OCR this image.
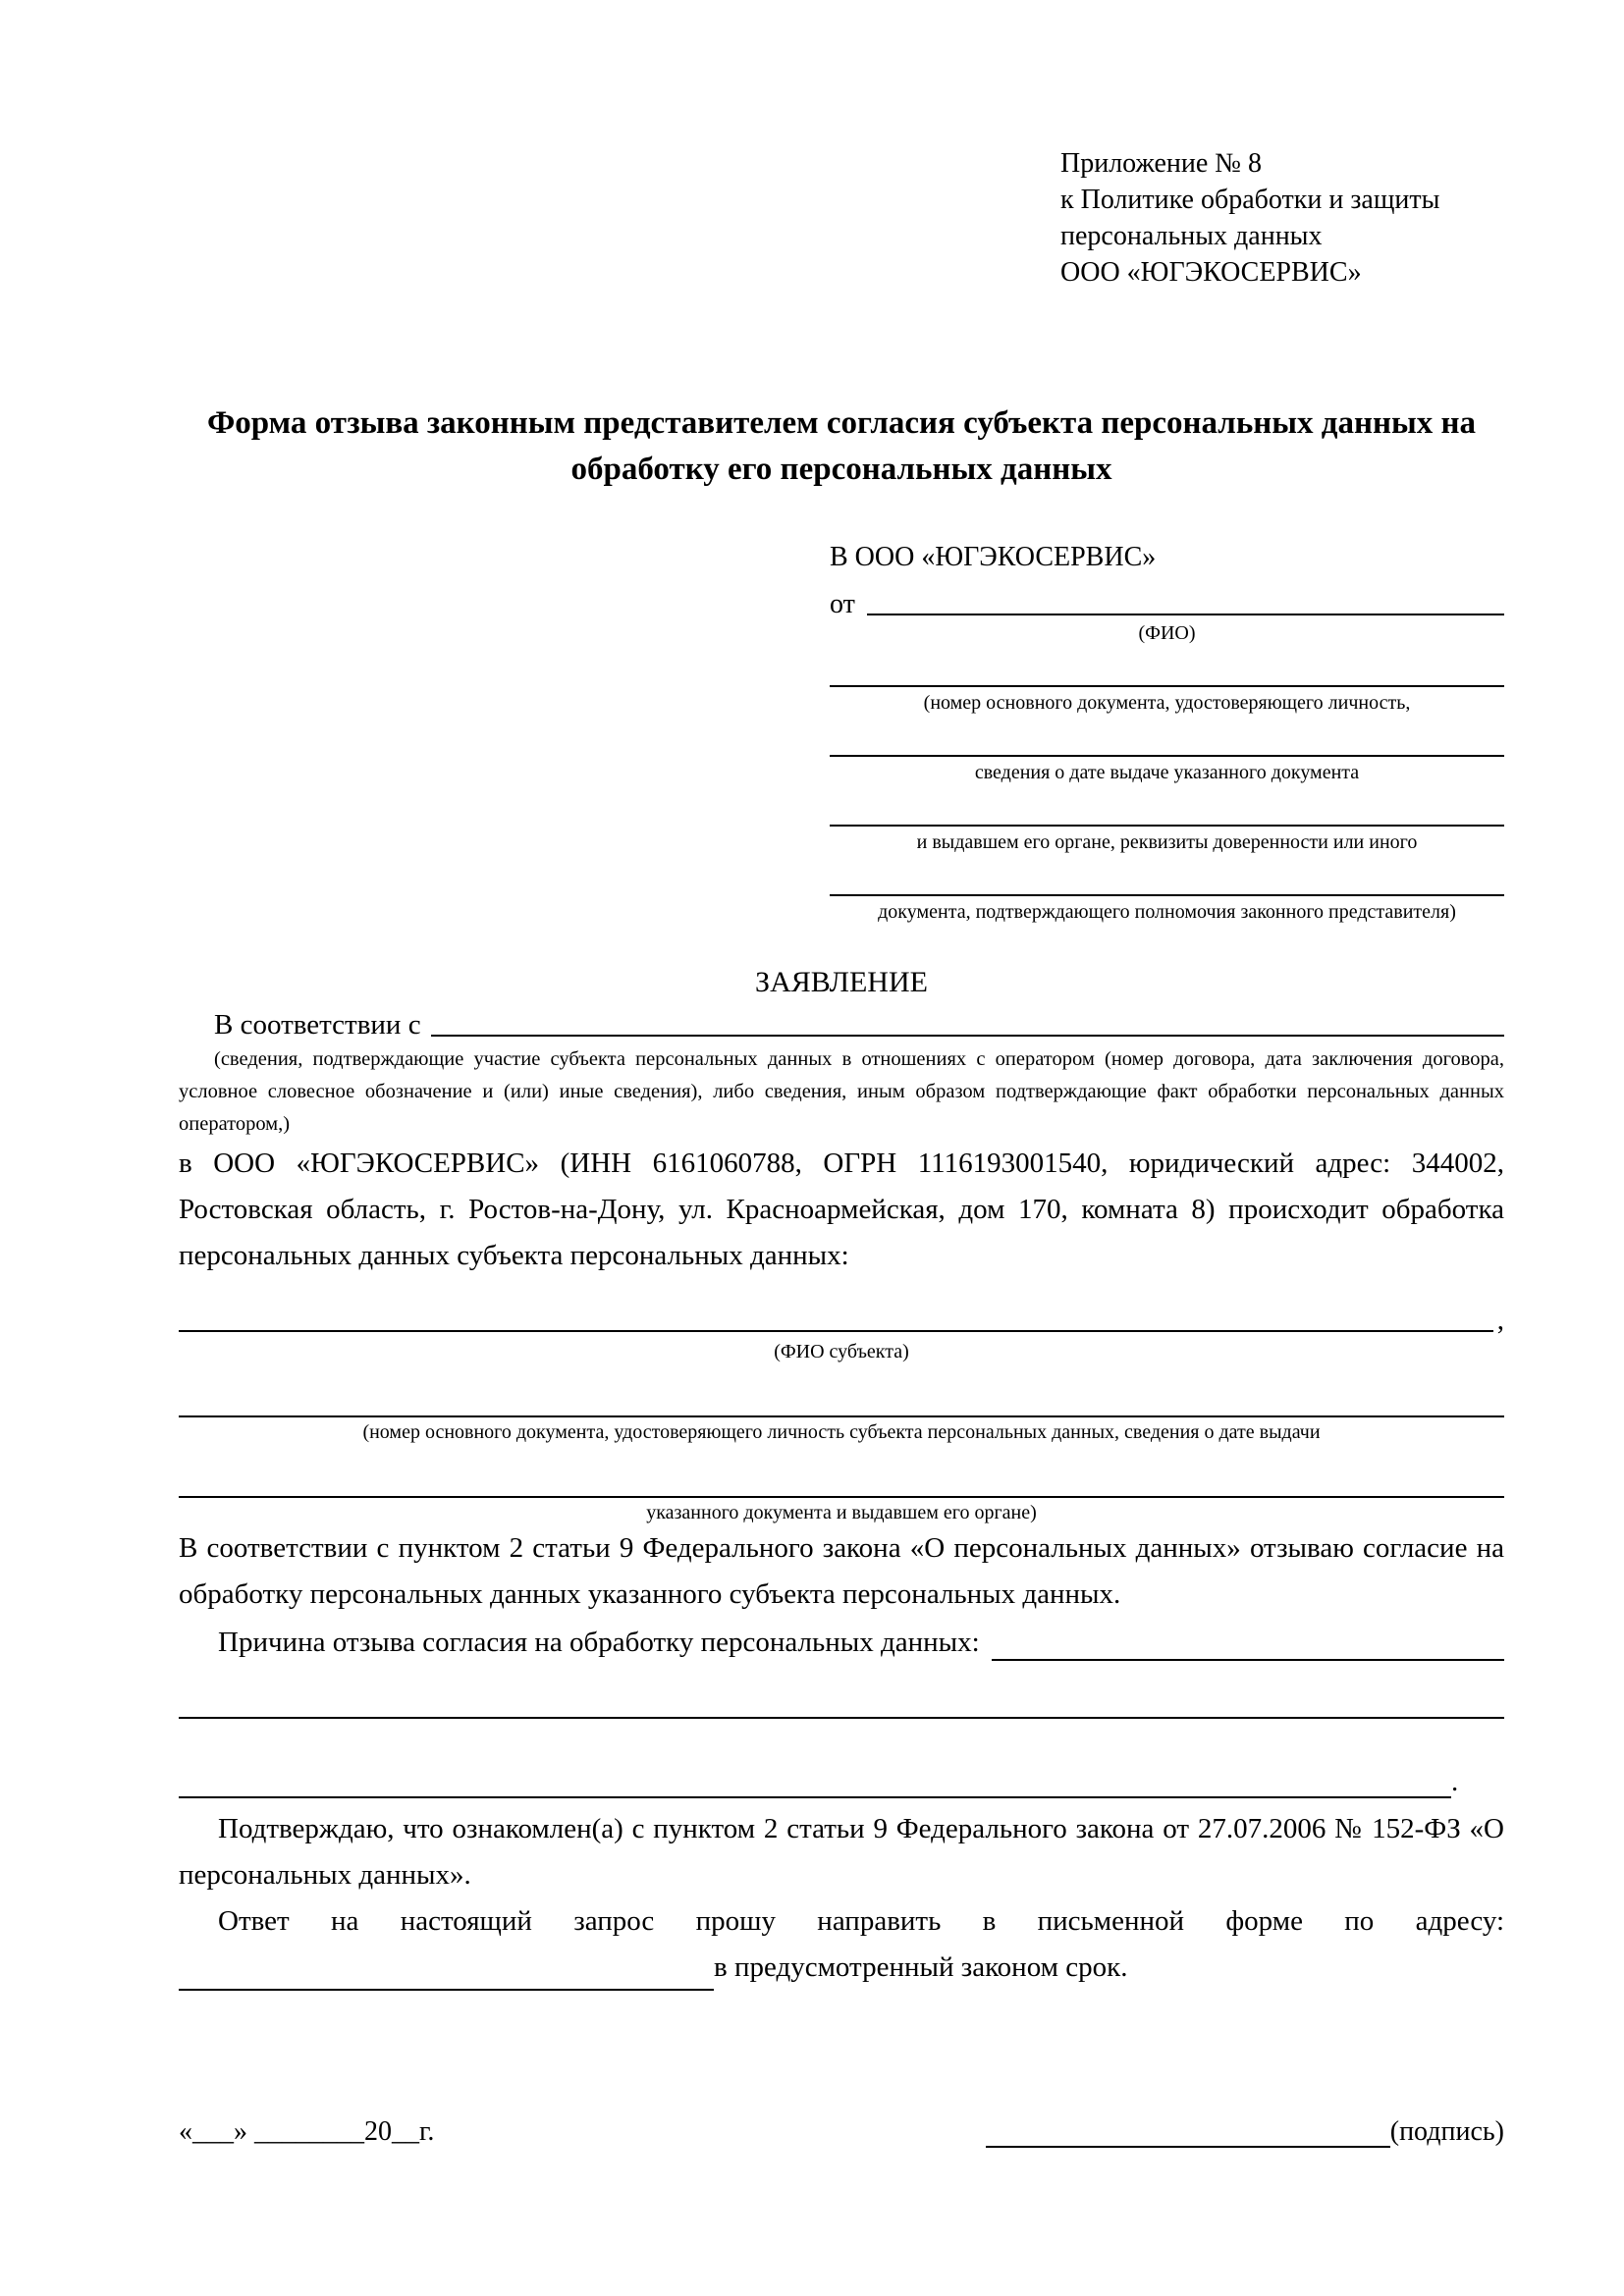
Приложение № 8
к Политике обработки и защиты
персональных данных
ООО «ЮГЭКОСЕРВИС»
Форма отзыва законным представителем согласия субъекта персональных данных на обработку его персональных данных
В ООО «ЮГЭКОСЕРВИС»
от
(ФИО)
(номер основного документа, удостоверяющего личность,
сведения о дате выдаче указанного документа
и выдавшем его органе, реквизиты доверенности или иного
документа, подтверждающего полномочия законного представителя)
ЗАЯВЛЕНИЕ
В соответствии с
(сведения, подтверждающие участие субъекта персональных данных в отношениях с оператором (номер договора, дата заключения договора, условное словесное обозначение и (или) иные сведения), либо сведения, иным образом подтверждающие факт обработки персональных данных оператором,)
в ООО «ЮГЭКОСЕРВИС» (ИНН 6161060788, ОГРН 1116193001540, юридический адрес: 344002, Ростовская область, г. Ростов-на-Дону, ул. Красноармейская, дом 170, комната 8) происходит обработка персональных данных субъекта персональных данных:
,
(ФИО субъекта)
(номер основного документа, удостоверяющего личность субъекта персональных данных, сведения о дате выдачи
указанного документа и выдавшем его органе)
В соответствии с пунктом 2 статьи 9 Федерального закона «О персональных данных» отзываю согласие на обработку персональных данных указанного субъекта персональных данных.
Причина отзыва согласия на обработку персональных данных:
.
Подтверждаю, что ознакомлен(а) с пунктом 2 статьи 9 Федерального закона от 27.07.2006 № 152-ФЗ «О персональных данных».
Ответ на настоящий запрос прошу направить в письменной форме по адресу:
в предусмотренный законом срок.
«___» ________20__г.	(подпись)
